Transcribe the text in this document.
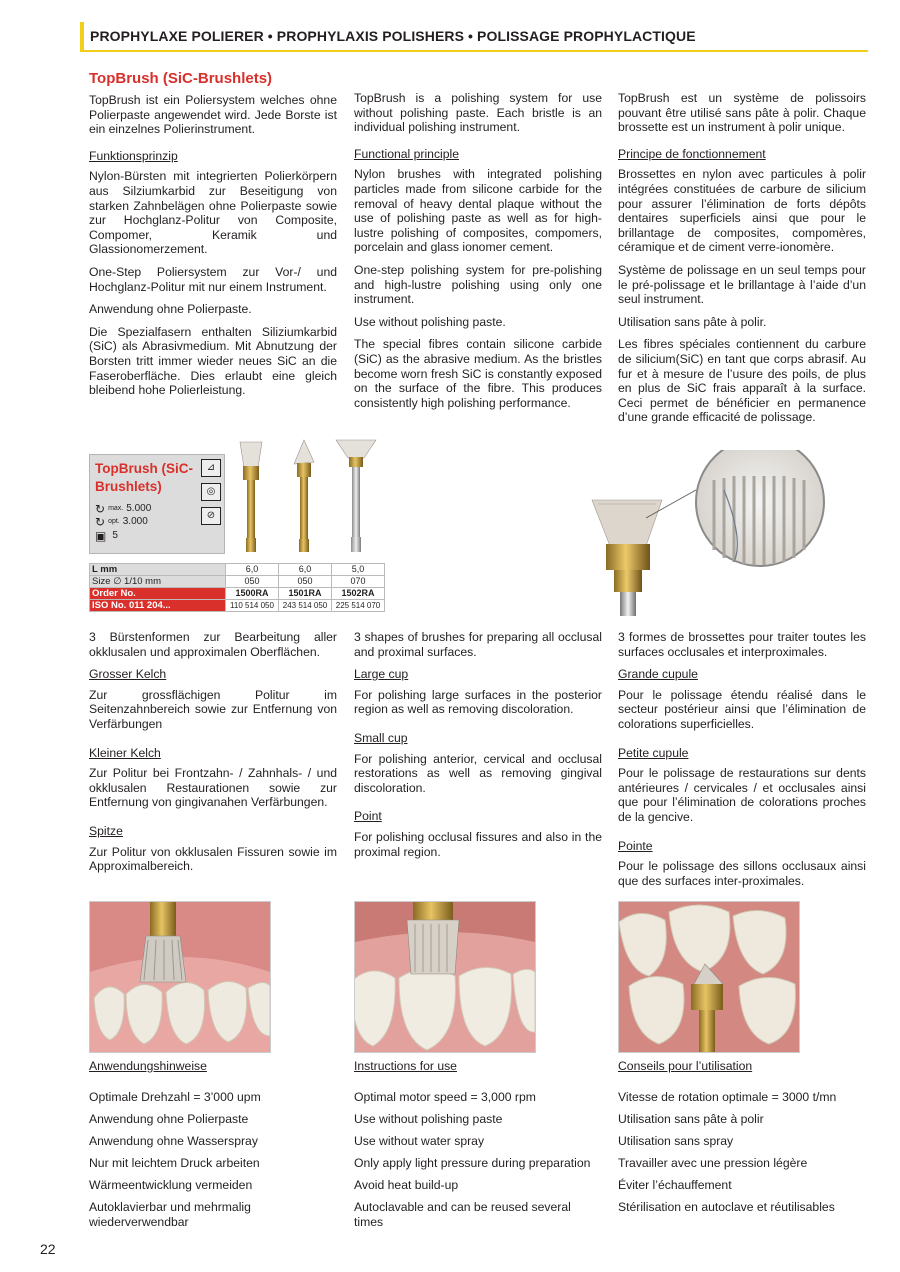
PROPHYLAXE POLIERER • PROPHYLAXIS POLISHERS • POLISSAGE PROPHYLACTIQUE
TopBrush (SiC-Brushlets)

TopBrush ist ein Poliersystem welches ohne Polierpaste angewendet wird. Jede Borste ist ein einzelnes Polierinstrument.

Funktionsprinzip

Nylon-Bürsten mit integrierten Polierkörpern aus Silziumkarbid zur Beseitigung von starken Zahnbelägen ohne Polierpaste sowie zur Hochglanz-Politur von Composite, Compomer, Keramik und Glassionomerzement.

One-Step Poliersystem zur Vor-/ und Hochglanz-Politur mit nur einem Instrument.

Anwendung ohne Polierpaste.

Die Spezialfasern enthalten Siliziumkarbid (SiC) als Abrasivmedium. Mit Abnutzung der Borsten tritt immer wieder neues SiC an die Faseroberfläche. Dies erlaubt eine gleich bleibend hohe Polierleistung.

TopBrush is a polishing system for use without polishing paste. Each bristle is an individual polishing instrument.

Functional principle

Nylon brushes with integrated polishing particles made from silicone carbide for the removal of heavy dental plaque without the use of polishing paste as well as for high-lustre polishing of composites, compomers, porcelain and glass ionomer cement.

One-step polishing system for pre-polishing and high-lustre polishing using only one instrument.

Use without polishing paste.

The special fibres contain silicone carbide (SiC) as the abrasive medium. As the bristles become worn fresh SiC is constantly exposed on the surface of the fibre. This produces consistently high polishing performance.

TopBrush est un système de polissoirs pouvant être utilisé sans pâte à polir. Chaque brossette est un instrument à polir unique.

Principe de fonctionnement

Brossettes en nylon avec particules à polir intégrées constituées de carbure de silicium pour assurer l’élimination de forts dépôts dentaires superficiels ainsi que pour le brillantage de composites, compomères, céramique et de ciment verre-ionomère.

Système de polissage en un seul temps pour le pré-polissage et le brillantage à l’aide d’un seul instrument.

Utilisation sans pâte à polir.

Les fibres spéciales contiennent du carbure de silicium(SiC) en tant que corps abrasif. Au fur et à mesure de l’usure des poils, de plus en plus de SiC frais apparaît à la surface. Ceci permet de bénéficier en permanence d’une grande efficacité de polissage.

TopBrush (SiC-Brushlets)
↻ max. 5.000
↻ opt. 3.000
▣ 5
⊿
◎
⊘
L mm	6,0	6,0	5,0
Size ∅ 1/10 mm	050	050	070
Order No.	1500RA	1501RA	1502RA
ISO No. 011 204...	110 514 050	243 514 050	225 514 070

3 Bürstenformen zur Bearbeitung aller okklusalen und approximalen Oberflächen.

Grosser Kelch

Zur grossflächigen Politur im Seitenzahnbereich sowie zur Entfernung von Verfärbungen

Kleiner Kelch

Zur Politur bei Frontzahn- / Zahnhals- / und okklusalen Restaurationen sowie zur Entfernung von gingivanahen Verfärbungen.

Spitze

Zur Politur von okklusalen Fissuren sowie im Approximalbereich.

3 shapes of brushes for preparing all occlusal and proximal surfaces.

Large cup

For polishing large surfaces in the posterior region as well as removing discoloration.

Small cup

For polishing anterior, cervical and occlusal restorations as well as removing gingival discoloration.

Point

For polishing occlusal fissures and also in the proximal region.

3 formes de brossettes pour traiter toutes les surfaces occlusales et interproximales.

Grande cupule

Pour le polissage étendu réalisé dans le secteur postérieur ainsi que l’élimination de colorations superficielles.

Petite cupule

Pour le polissage de restaurations sur dents antérieures / cervicales / et occlusales ainsi que pour l’élimination de colorations proches de la gencive.

Pointe

Pour le polissage des sillons occlusaux ainsi que des surfaces inter-proximales.

Anwendungshinweise

Optimale Drehzahl = 3’000 upm

Anwendung ohne Polierpaste

Anwendung ohne Wasserspray

Nur mit leichtem Druck arbeiten

Wärmeentwicklung vermeiden

Autoklavierbar und mehrmalig wiederverwendbar

Instructions for use

Optimal motor speed = 3,000 rpm

Use without polishing paste

Use without water spray

Only apply light pressure during preparation

Avoid heat build-up

Autoclavable and can be reused several times

Conseils pour l’utilisation

Vitesse de rotation optimale = 3000 t/mn

Utilisation sans pâte à polir

Utilisation sans spray

Travailler avec une pression légère

Éviter l’échauffement

Stérilisation en autoclave et réutilisables

22
